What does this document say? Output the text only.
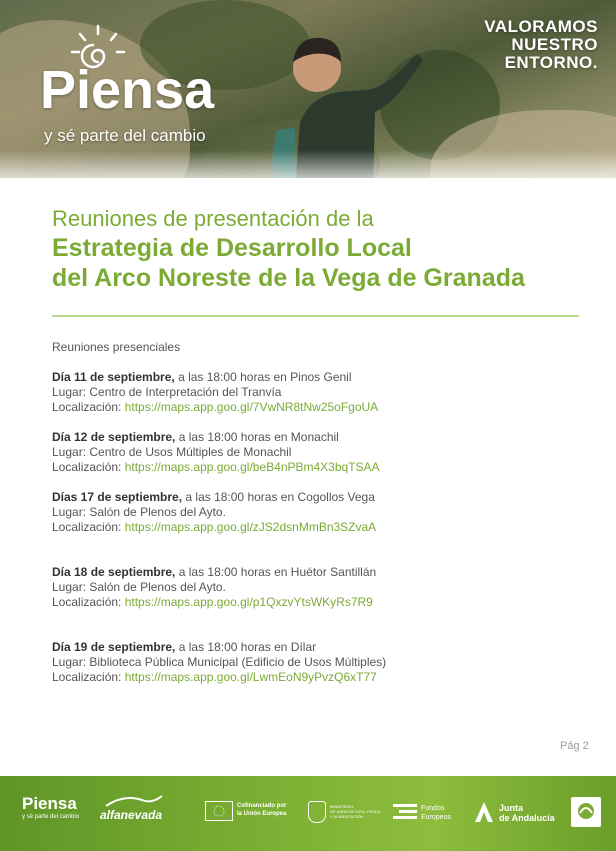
Piensa
y sé parte del cambio
VALORAMOS
NUESTRO
ENTORNO.
Reuniones de presentación de la
Estrategia de Desarrollo Local
del Arco Noreste de la Vega de Granada
Reuniones presenciales
Día 11 de septiembre, a las 18:00 horas en Pinos Genil
Lugar: Centro de Interpretación del Tranvía
Localización: https://maps.app.goo.gl/7VwNR8tNw25oFgoUA
Día 12 de septiembre, a las 18:00 horas en Monachil
Lugar: Centro de Usos Múltiples de Monachil
Localización: https://maps.app.goo.gl/beB4nPBm4X3bqTSAA
Días 17 de septiembre, a las 18:00 horas en Cogollos Vega
Lugar: Salón de Plenos del Ayto.
Localización: https://maps.app.goo.gl/zJS2dsnMmBn3SZvaA
Día 18 de septiembre, a las 18:00 horas en Huétor Santillán
Lugar: Salón de Plenos del Ayto.
Localización: https://maps.app.goo.gl/p1QxzvYtsWKyRs7R9
Día 19 de septiembre, a las 18:00 horas en Dílar
Lugar: Biblioteca Pública Municipal (Edificio de Usos Múltiples)
Localización: https://maps.app.goo.gl/LwmEoN9yPvzQ6xT77
Pág 2
Piensa
y sé parte del cambio alfanevada
Cofinanciado por
la Unión Europea
MINISTERIO
DE AGRICULTURA, PESCA
Y ALIMENTACIÓN
Fondos
Europeos
Junta
de Andalucía
